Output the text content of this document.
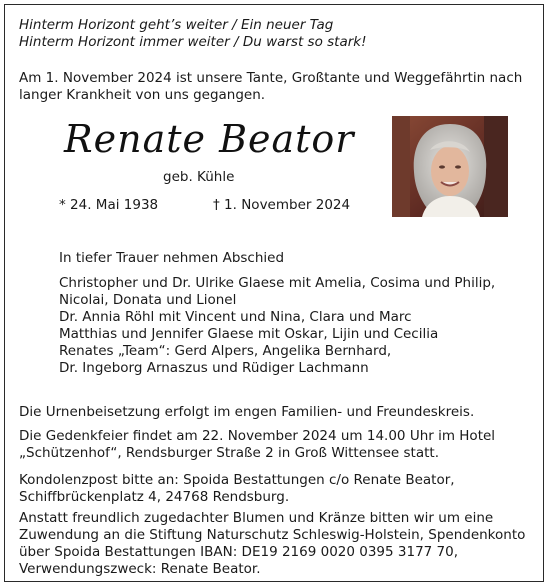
Hinterm Horizont geht’s weiter / Ein neuer Tag
Hinterm Horizont immer weiter / Du warst so stark!
Am 1. November 2024 ist unsere Tante, Großtante und Weggefährtin nach
langer Krankheit von uns gegangen.
Renate Beator
geb. Kühle
* 24. Mai 1938	† 1. November 2024
In tiefer Trauer nehmen Abschied
Christopher und Dr. Ulrike Glaese mit Amelia, Cosima und Philip,
Nicolai, Donata und Lionel
Dr. Annia Röhl mit Vincent und Nina, Clara und Marc
Matthias und Jennifer Glaese mit Oskar, Lijin und Cecilia
Renates „Team“: Gerd Alpers, Angelika Bernhard,
Dr. Ingeborg Arnaszus und Rüdiger Lachmann
Die Urnenbeisetzung erfolgt im engen Familien- und Freundeskreis.
Die Gedenkfeier findet am 22. November 2024 um 14.00 Uhr im Hotel
„Schützenhof“, Rendsburger Straße 2 in Groß Wittensee statt.
Kondolenzpost bitte an: Spoida Bestattungen c/o Renate Beator,
Schiffbrückenplatz 4, 24768 Rendsburg.
Anstatt freundlich zugedachter Blumen und Kränze bitten wir um eine
Zuwendung an die Stiftung Naturschutz Schleswig-Holstein, Spendenkonto
über Spoida Bestattungen IBAN: DE19 2169 0020 0395 3177 70,
Verwendungszweck: Renate Beator.
